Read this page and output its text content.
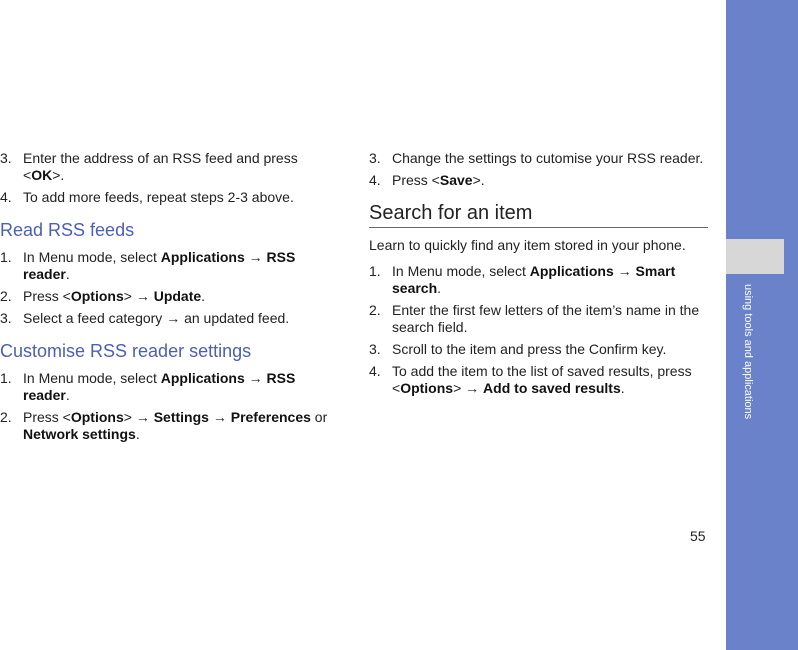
using tools and applications
55
3. Enter the address of an RSS feed and press <OK>.
4. To add more feeds, repeat steps 2-3 above.
Read RSS feeds
1. In Menu mode, select Applications → RSS reader.
2. Press <Options> → Update.
3. Select a feed category → an updated feed.
Customise RSS reader settings
1. In Menu mode, select Applications → RSS reader.
2. Press <Options> → Settings → Preferences or Network settings.
3. Change the settings to cutomise your RSS reader.
4. Press <Save>.
Search for an item
Learn to quickly find any item stored in your phone.
1. In Menu mode, select Applications → Smart search.
2. Enter the first few letters of the item’s name in the search field.
3. Scroll to the item and press the Confirm key.
4. To add the item to the list of saved results, press <Options> → Add to saved results.
